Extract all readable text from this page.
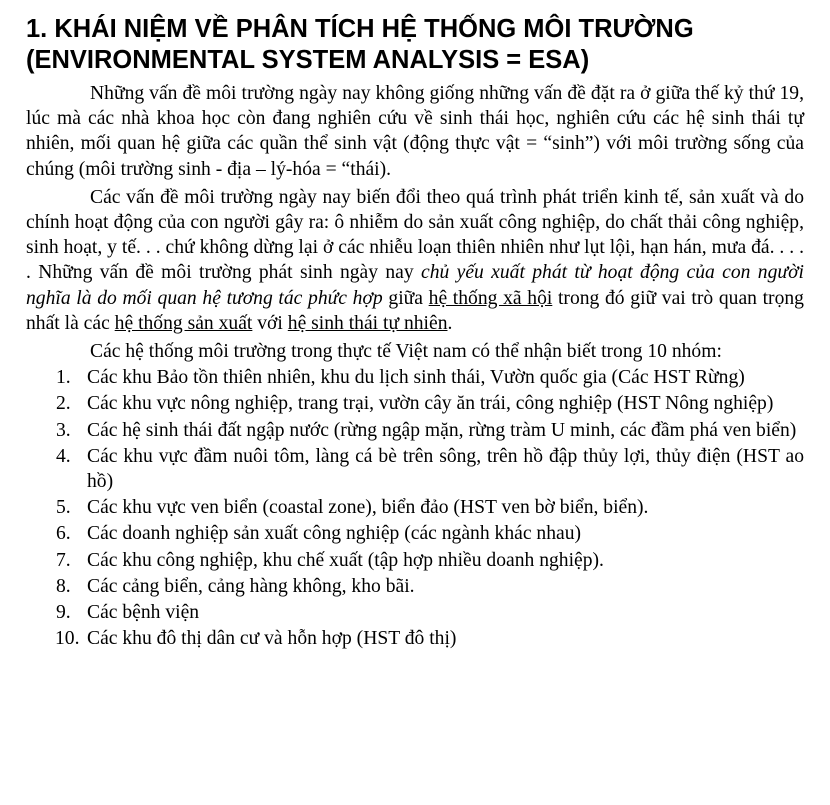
1. KHÁI NIỆM VỀ PHÂN TÍCH HỆ THỐNG MÔI TRƯỜNG
(ENVIRONMENTAL SYSTEM ANALYSIS = ESA)

Những vấn đề môi trường ngày nay không giống những vấn đề đặt ra ở giữa thế kỷ thứ 19, lúc mà các nhà khoa học còn đang nghiên cứu về sinh thái học, nghiên cứu các hệ sinh thái tự nhiên, mối quan hệ giữa các quần thể sinh vật (động thực vật = “sinh”) với môi trường sống của chúng (môi trường sinh - địa – lý-hóa = “thái).

Các vấn đề môi trường ngày nay biến đổi theo quá trình phát triển kinh tế, sản xuất và do chính hoạt động của con người gây ra: ô nhiễm do sản xuất công nghiệp, do chất thải công nghiệp, sinh hoạt, y tế. . . chứ không dừng lại ở các nhiễu loạn thiên nhiên như lụt lội, hạn hán, mưa đá. . . . . Những vấn đề môi trường phát sinh ngày nay chủ yếu xuất phát từ hoạt động của con người nghĩa là do mối quan hệ tương tác phức hợp giữa hệ thống xã hội trong đó giữ vai trò quan trọng nhất là các hệ thống sản xuất với hệ sinh thái tự nhiên.

Các hệ thống môi trường trong thực tế Việt nam có thể nhận biết trong 10 nhóm:

1. Các khu Bảo tồn thiên nhiên, khu du lịch sinh thái, Vườn quốc gia (Các HST Rừng)
2. Các khu vực nông nghiệp, trang trại, vườn cây ăn trái, công nghiệp (HST Nông nghiệp)
3. Các hệ sinh thái đất ngập nước (rừng ngập mặn, rừng tràm U minh, các đầm phá ven biển)
4. Các khu vực đầm nuôi tôm, làng cá bè trên sông, trên hồ đập thủy lợi, thủy điện (HST ao hồ)
5. Các khu vực ven biển (coastal zone), biển đảo (HST ven bờ biển, biển).
6. Các doanh nghiệp sản xuất công nghiệp (các ngành khác nhau)
7. Các khu công nghiệp, khu chế xuất (tập hợp nhiều doanh nghiệp).
8. Các cảng biển, cảng hàng không, kho bãi.
9. Các bệnh viện
10. Các khu đô thị dân cư và hỗn hợp (HST đô thị)
